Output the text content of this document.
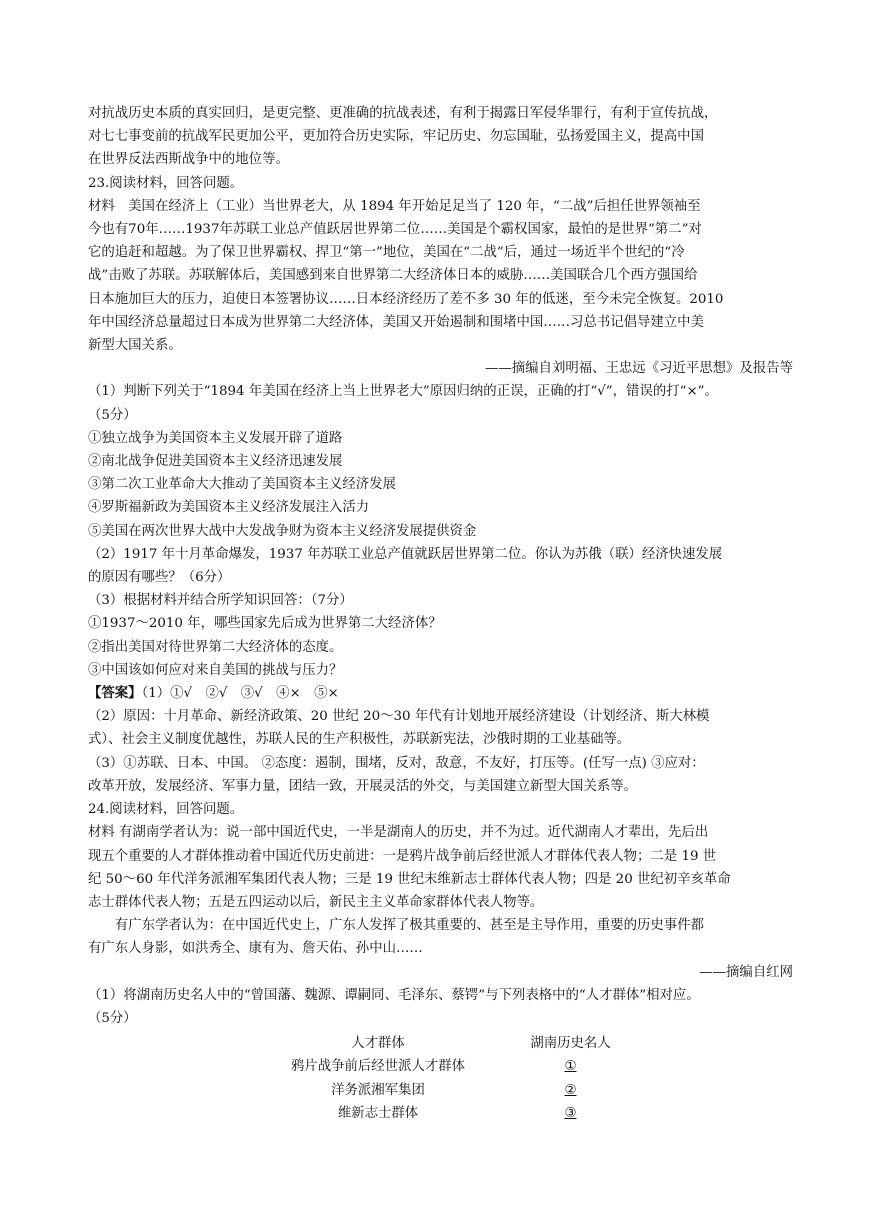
对抗战历史本质的真实回归，是更完整、更准确的抗战表述，有利于揭露日军侵华罪行，有利于宣传抗战，

对七七事变前的抗战军民更加公平，更加符合历史实际，牢记历史、勿忘国耻，弘扬爱国主义，提高中国

在世界反法西斯战争中的地位等。

23.阅读材料，回答问题。

材料　美国在经济上（工业）当世界老大，从 1894 年开始足足当了 120 年，“二战”后担任世界领袖至

今也有70年……1937年苏联工业总产值跃居世界第二位……美国是个霸权国家，最怕的是世界“第二”对

它的追赶和超越。为了保卫世界霸权、捍卫“第一”地位，美国在“二战”后，通过一场近半个世纪的“冷

战”击败了苏联。苏联解体后，美国感到来自世界第二大经济体日本的威胁……美国联合几个西方强国给

日本施加巨大的压力，迫使日本签署协议……日本经济经历了差不多 30 年的低迷，至今未完全恢复。2010

年中国经济总量超过日本成为世界第二大经济体，美国又开始遏制和围堵中国……习总书记倡导建立中美

新型大国关系。

——摘编自刘明福、王忠远《习近平思想》及报告等

（1）判断下列关于“1894 年美国在经济上当上世界老大”原因归纳的正误，正确的打“√”，错误的打“×”。

（5分）

①独立战争为美国资本主义发展开辟了道路

②南北战争促进美国资本主义经济迅速发展

③第二次工业革命大大推动了美国资本主义经济发展

④罗斯福新政为美国资本主义经济发展注入活力

⑤美国在两次世界大战中大发战争财为资本主义经济发展提供资金

（2）1917 年十月革命爆发，1937 年苏联工业总产值就跃居世界第二位。你认为苏俄（联）经济快速发展

的原因有哪些？（6分）

（3）根据材料并结合所学知识回答：（7分）

①1937～2010 年，哪些国家先后成为世界第二大经济体？

②指出美国对待世界第二大经济体的态度。

③中国该如何应对来自美国的挑战与压力？

【答案】（1）①√　②√　③√　④×　⑤×

（2）原因：十月革命、新经济政策、20 世纪 20～30 年代有计划地开展经济建设（计划经济、斯大林模

式）、社会主义制度优越性，苏联人民的生产积极性，苏联新宪法，沙俄时期的工业基础等。

（3）①苏联、日本、中国。 ②态度：遏制，围堵，反对，敌意，不友好，打压等。(任写一点) ③应对：

改革开放，发展经济、军事力量，团结一致，开展灵活的外交，与美国建立新型大国关系等。

24.阅读材料，回答问题。

材料 有湖南学者认为：说一部中国近代史，一半是湖南人的历史，并不为过。近代湖南人才辈出，先后出

现五个重要的人才群体推动着中国近代历史前进：一是鸦片战争前后经世派人才群体代表人物；二是 19 世

纪 50～60 年代洋务派湘军集团代表人物；三是 19 世纪末维新志士群体代表人物；四是 20 世纪初辛亥革命

志士群体代表人物；五是五四运动以后，新民主主义革命家群体代表人物等。

有广东学者认为：在中国近代史上，广东人发挥了极其重要的、甚至是主导作用，重要的历史事件都

有广东人身影，如洪秀全、康有为、詹天佑、孙中山……

——摘编自红网

（1）将湖南历史名人中的“曾国藩、魏源、谭嗣同、毛泽东、蔡锷”与下列表格中的“人才群体”相对应。

（5分）

人才群体	湖南历史名人
鸦片战争前后经世派人才群体	①
洋务派湘军集团	②
维新志士群体	③
